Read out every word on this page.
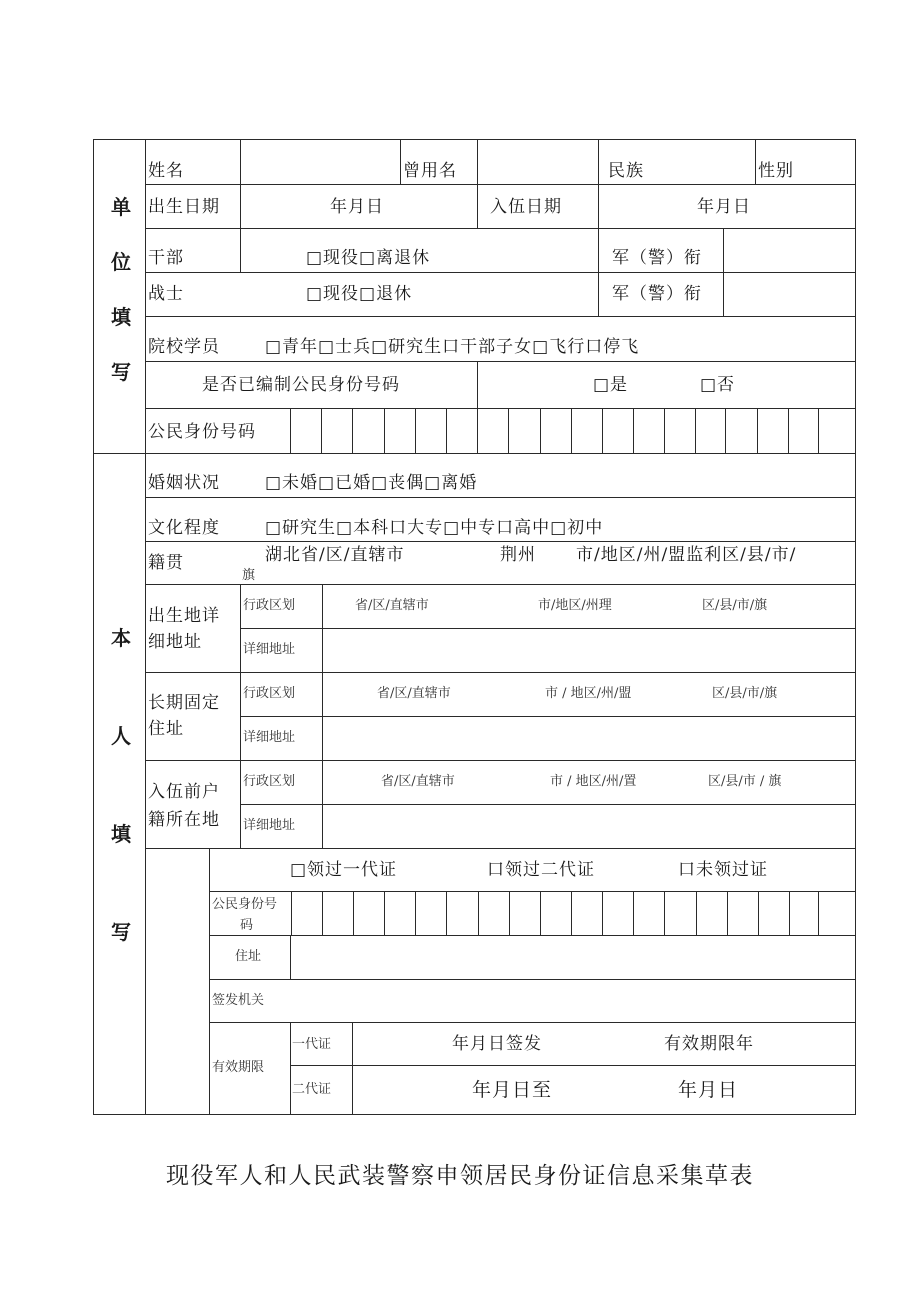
单
位
填
写
姓名	曾用名	民族	性别
出生日期	年月日	入伍日期	年月日
干部	□现役□离退休	军（警）衔
战士	□现役□退休	军（警）衔
院校学员	□青年□士兵□研究生口干部子女□飞行口停飞
是否已编制公民身份号码	□是	□否
公民身份号码
本
人
填
写
婚姻状况	□未婚□已婚□丧偶□离婚
文化程度	□研究生□本科口大专□中专口高中□初中
籍贯	湖北省/区/直辖市	荆州 市/地区/州/盟监利区/县/市/
旗
出生地详
细地址
行政区划	省/区/直辖市	市/地区/州理	区/县/市/旗
详细地址
长期固定
住址
行政区划	省/区/直辖市	市 / 地区/州/盟	区/县/市/旗
详细地址
入伍前户
籍所在地
行政区划	省/区/直辖市	市 / 地区/州/置	区/县/市 / 旗
详细地址
□领过一代证	口领过二代证	口未领过证
公民身份号
码
住址
签发机关
有效期限
一代证	年月日签发	有效期限年
二代证	年月日至	年月日
现役军人和人民武装警察申领居民身份证信息采集草表
